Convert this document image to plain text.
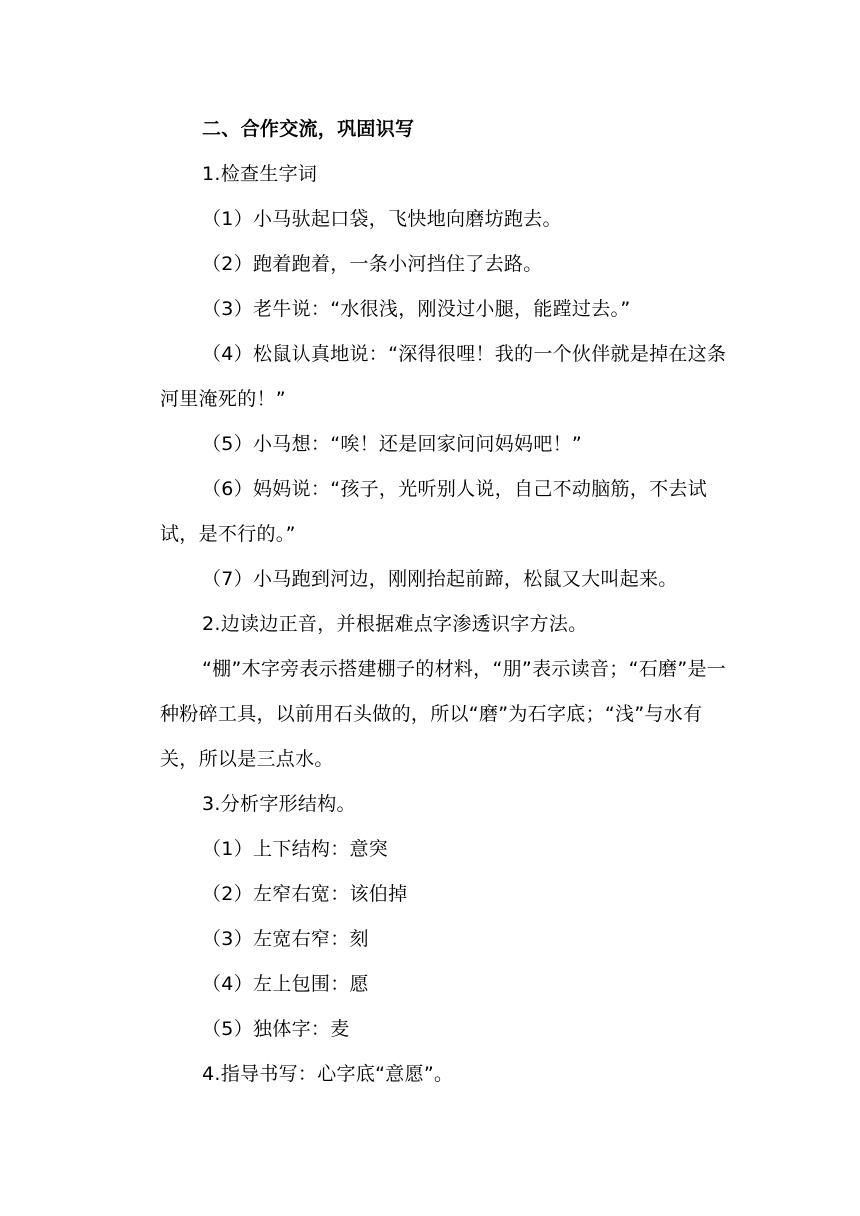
二、合作交流，巩固识写

1.检查生字词

（1）小马驮起口袋，飞快地向磨坊跑去。

（2）跑着跑着，一条小河挡住了去路。

（3）老牛说：“水很浅，刚没过小腿，能蹚过去。”

（4）松鼠认真地说：“深得很哩！我的一个伙伴就是掉在这条河里淹死的！”

（5）小马想：“唉！还是回家问问妈妈吧！”

（6）妈妈说：“孩子，光听别人说，自己不动脑筋，不去试试，是不行的。”

（7）小马跑到河边，刚刚抬起前蹄，松鼠又大叫起来。

2.边读边正音，并根据难点字渗透识字方法。

“棚”木字旁表示搭建棚子的材料，“朋”表示读音；“石磨”是一种粉碎工具，以前用石头做的，所以“磨”为石字底；“浅”与水有关，所以是三点水。

3.分析字形结构。

（1）上下结构：意突

（2）左窄右宽：该伯掉

（3）左宽右窄：刻

（4）左上包围：愿

（5）独体字：麦

4.指导书写：心字底“意愿”。
